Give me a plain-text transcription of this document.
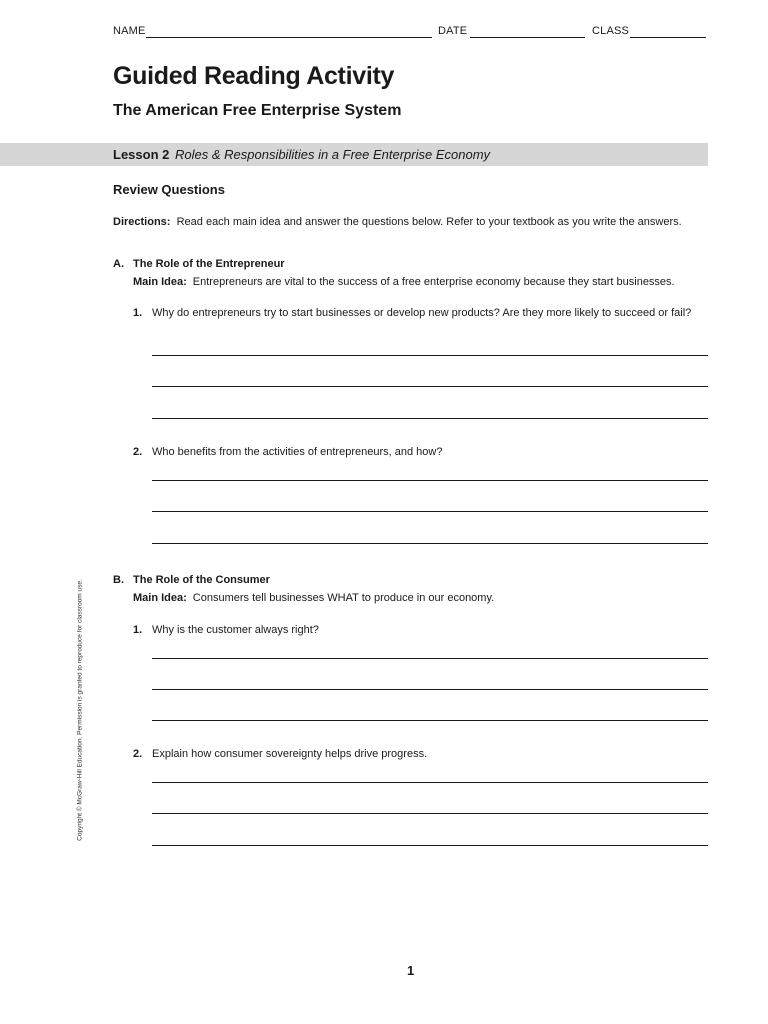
NAME	DATE	CLASS
Guided Reading Activity
The American Free Enterprise System
Lesson 2 Roles & Responsibilities in a Free Enterprise Economy
Review Questions
Directions: Read each main idea and answer the questions below. Refer to your textbook as you write the answers.
A. The Role of the Entrepreneur
Main Idea: Entrepreneurs are vital to the success of a free enterprise economy because they start businesses.
1. Why do entrepreneurs try to start businesses or develop new products? Are they more likely to succeed or fail?
2. Who benefits from the activities of entrepreneurs, and how?
B. The Role of the Consumer
Main Idea: Consumers tell businesses WHAT to produce in our economy.
1. Why is the customer always right?
2. Explain how consumer sovereignty helps drive progress.
Copyright © McGraw-Hill Education. Permission is granted to reproduce for classroom use.
1
